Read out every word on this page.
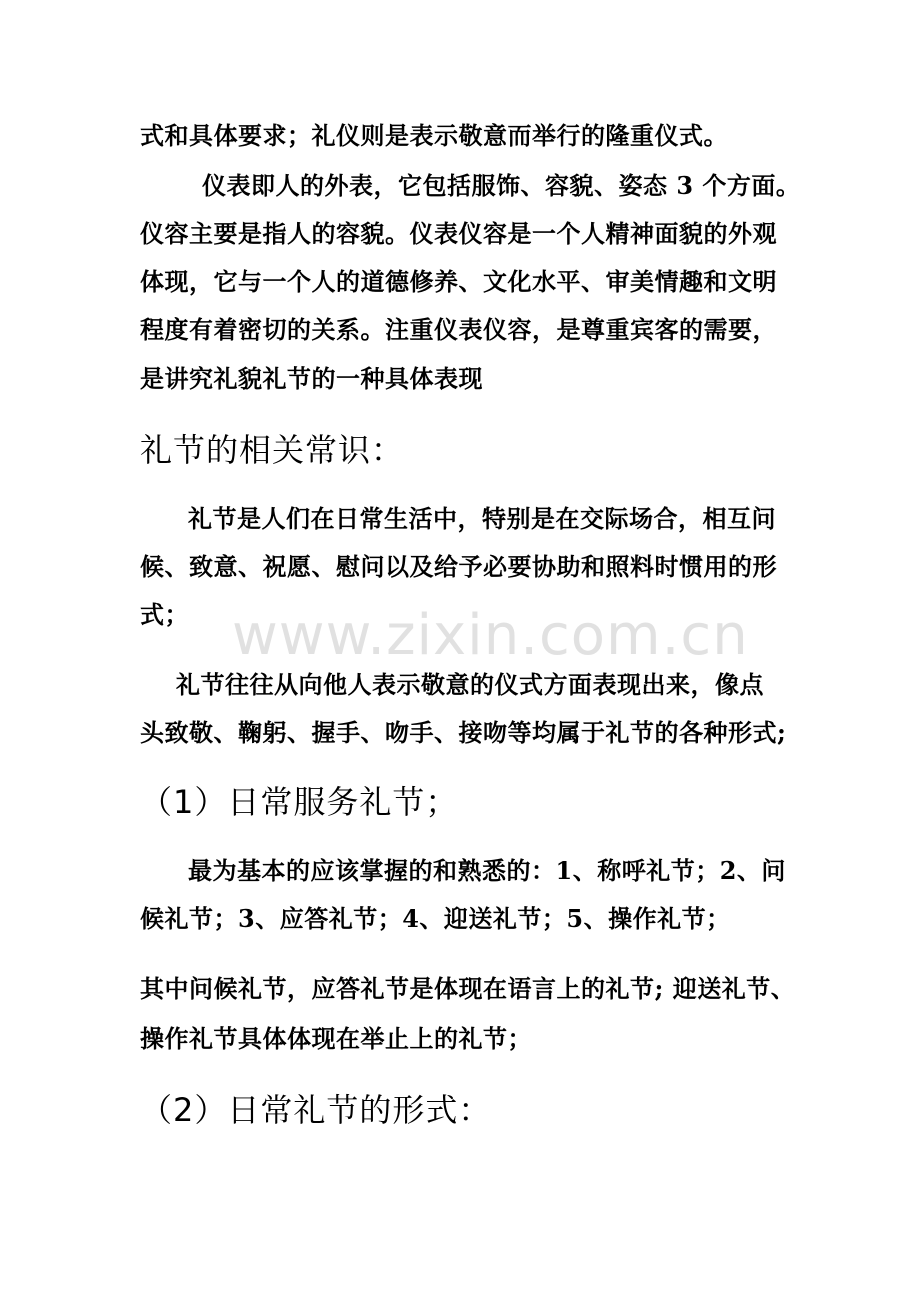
式和具体要求；礼仪则是表示敬意而举行的隆重仪式。
仪表即人的外表，它包括服饰、容貌、姿态 3 个方面。
仪容主要是指人的容貌。仪表仪容是一个人精神面貌的外观
体现，它与一个人的道德修养、文化水平、审美情趣和文明
程度有着密切的关系。注重仪表仪容，是尊重宾客的需要，
是讲究礼貌礼节的一种具体表现
礼节的相关常识：
礼节是人们在日常生活中，特别是在交际场合，相互问
候、致意、祝愿、慰问以及给予必要协助和照料时惯用的形
式； www.zixin.com.cn
礼节往往从向他人表示敬意的仪式方面表现出来，像点
头致敬、鞠躬、握手、吻手、接吻等均属于礼节的各种形式;
（1）日常服务礼节；
最为基本的应该掌握的和熟悉的：1、称呼礼节；2、问
候礼节；3、应答礼节；4、迎送礼节；5、操作礼节；
其中问候礼节，应答礼节是体现在语言上的礼节; 迎送礼节、
操作礼节具体体现在举止上的礼节；
（2）日常礼节的形式：
